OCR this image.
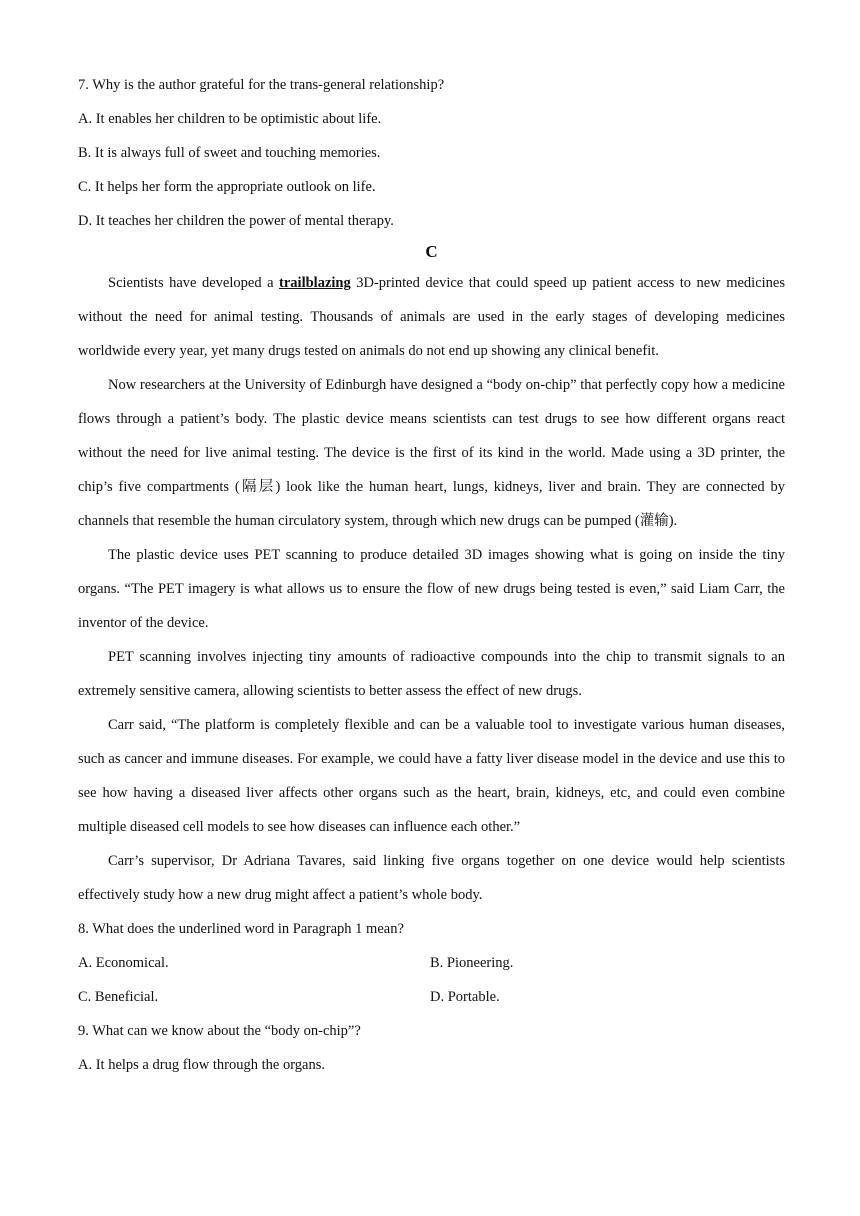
7. Why is the author grateful for the trans-general relationship?

A. It enables her children to be optimistic about life.

B. It is always full of sweet and touching memories.

C. It helps her form the appropriate outlook on life.

D. It teaches her children the power of mental therapy.

C

Scientists have developed a trailblazing 3D-printed device that could speed up patient access to new medicines without the need for animal testing. Thousands of animals are used in the early stages of developing medicines worldwide every year, yet many drugs tested on animals do not end up showing any clinical benefit.

Now researchers at the University of Edinburgh have designed a “body on-chip” that perfectly copy how a medicine flows through a patient’s body. The plastic device means scientists can test drugs to see how different organs react without the need for live animal testing. The device is the first of its kind in the world. Made using a 3D printer, the chip’s five compartments (隔层) look like the human heart, lungs, kidneys, liver and brain. They are connected by channels that resemble the human circulatory system, through which new drugs can be pumped (灌输).

The plastic device uses PET scanning to produce detailed 3D images showing what is going on inside the tiny organs. “The PET imagery is what allows us to ensure the flow of new drugs being tested is even,” said Liam Carr, the inventor of the device.

PET scanning involves injecting tiny amounts of radioactive compounds into the chip to transmit signals to an extremely sensitive camera, allowing scientists to better assess the effect of new drugs.

Carr said, “The platform is completely flexible and can be a valuable tool to investigate various human diseases, such as cancer and immune diseases. For example, we could have a fatty liver disease model in the device and use this to see how having a diseased liver affects other organs such as the heart, brain, kidneys, etc, and could even combine multiple diseased cell models to see how diseases can influence each other.”

Carr’s supervisor, Dr Adriana Tavares, said linking five organs together on one device would help scientists effectively study how a new drug might affect a patient’s whole body.

8. What does the underlined word in Paragraph 1 mean?

A. Economical.	B. Pioneering.
C. Beneficial.	D. Portable.

9. What can we know about the “body on-chip”?

A. It helps a drug flow through the organs.
